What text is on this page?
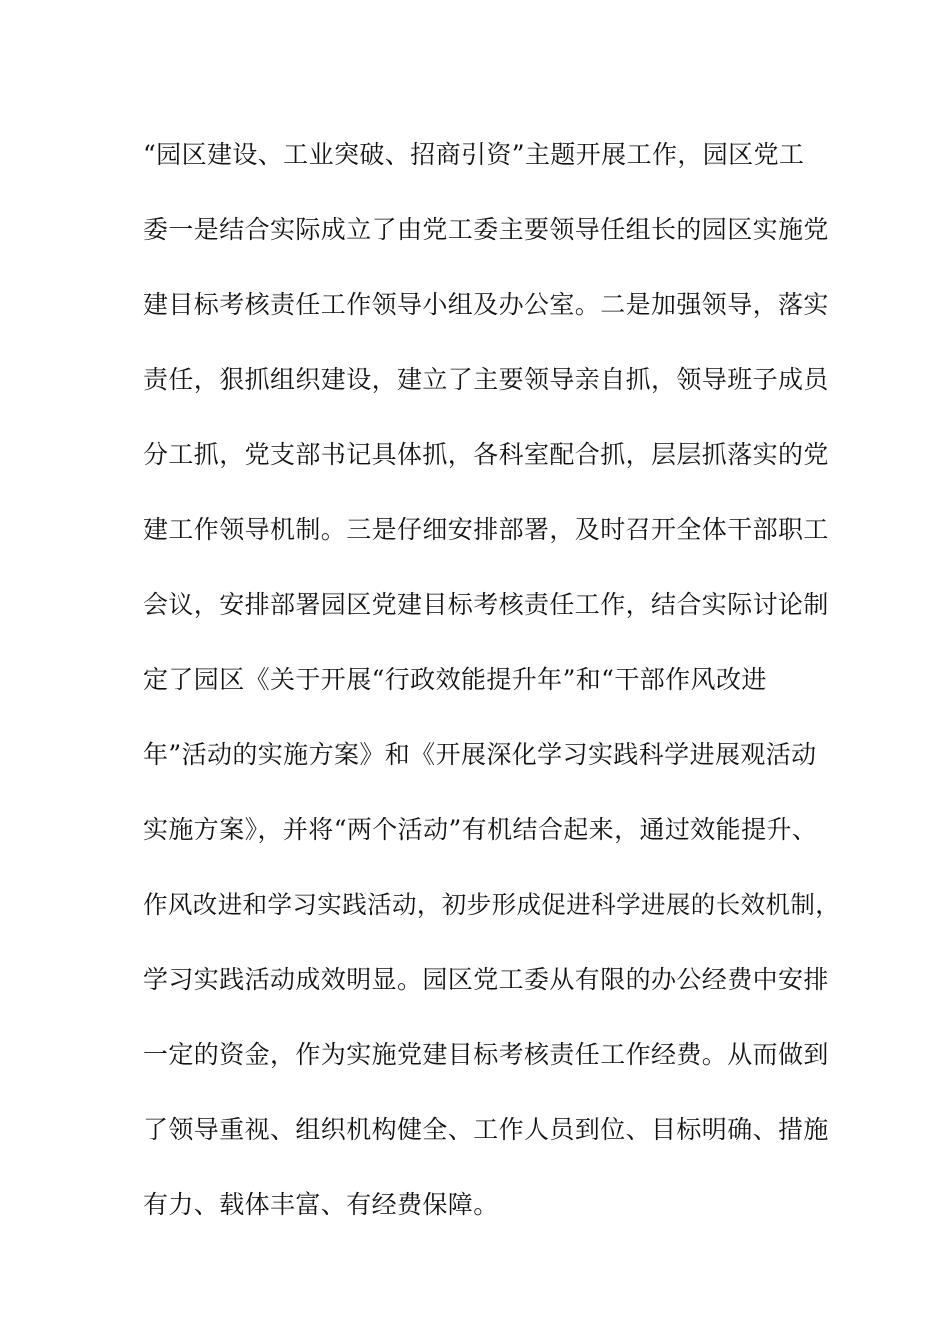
“园区建设、工业突破、招商引资”主题开展工作，园区党工
委一是结合实际成立了由党工委主要领导任组长的园区实施党
建目标考核责任工作领导小组及办公室。二是加强领导，落实
责任，狠抓组织建设，建立了主要领导亲自抓，领导班子成员
分工抓，党支部书记具体抓，各科室配合抓，层层抓落实的党
建工作领导机制。三是仔细安排部署，及时召开全体干部职工
会议，安排部署园区党建目标考核责任工作，结合实际讨论制
定了园区《关于开展“行政效能提升年”和“干部作风改进
年”活动的实施方案》和《开展深化学习实践科学进展观活动
实施方案》，并将“两个活动”有机结合起来，通过效能提升、
作风改进和学习实践活动，初步形成促进科学进展的长效机制，
学习实践活动成效明显。园区党工委从有限的办公经费中安排
一定的资金，作为实施党建目标考核责任工作经费。从而做到
了领导重视、组织机构健全、工作人员到位、目标明确、措施
有力、载体丰富、有经费保障。
